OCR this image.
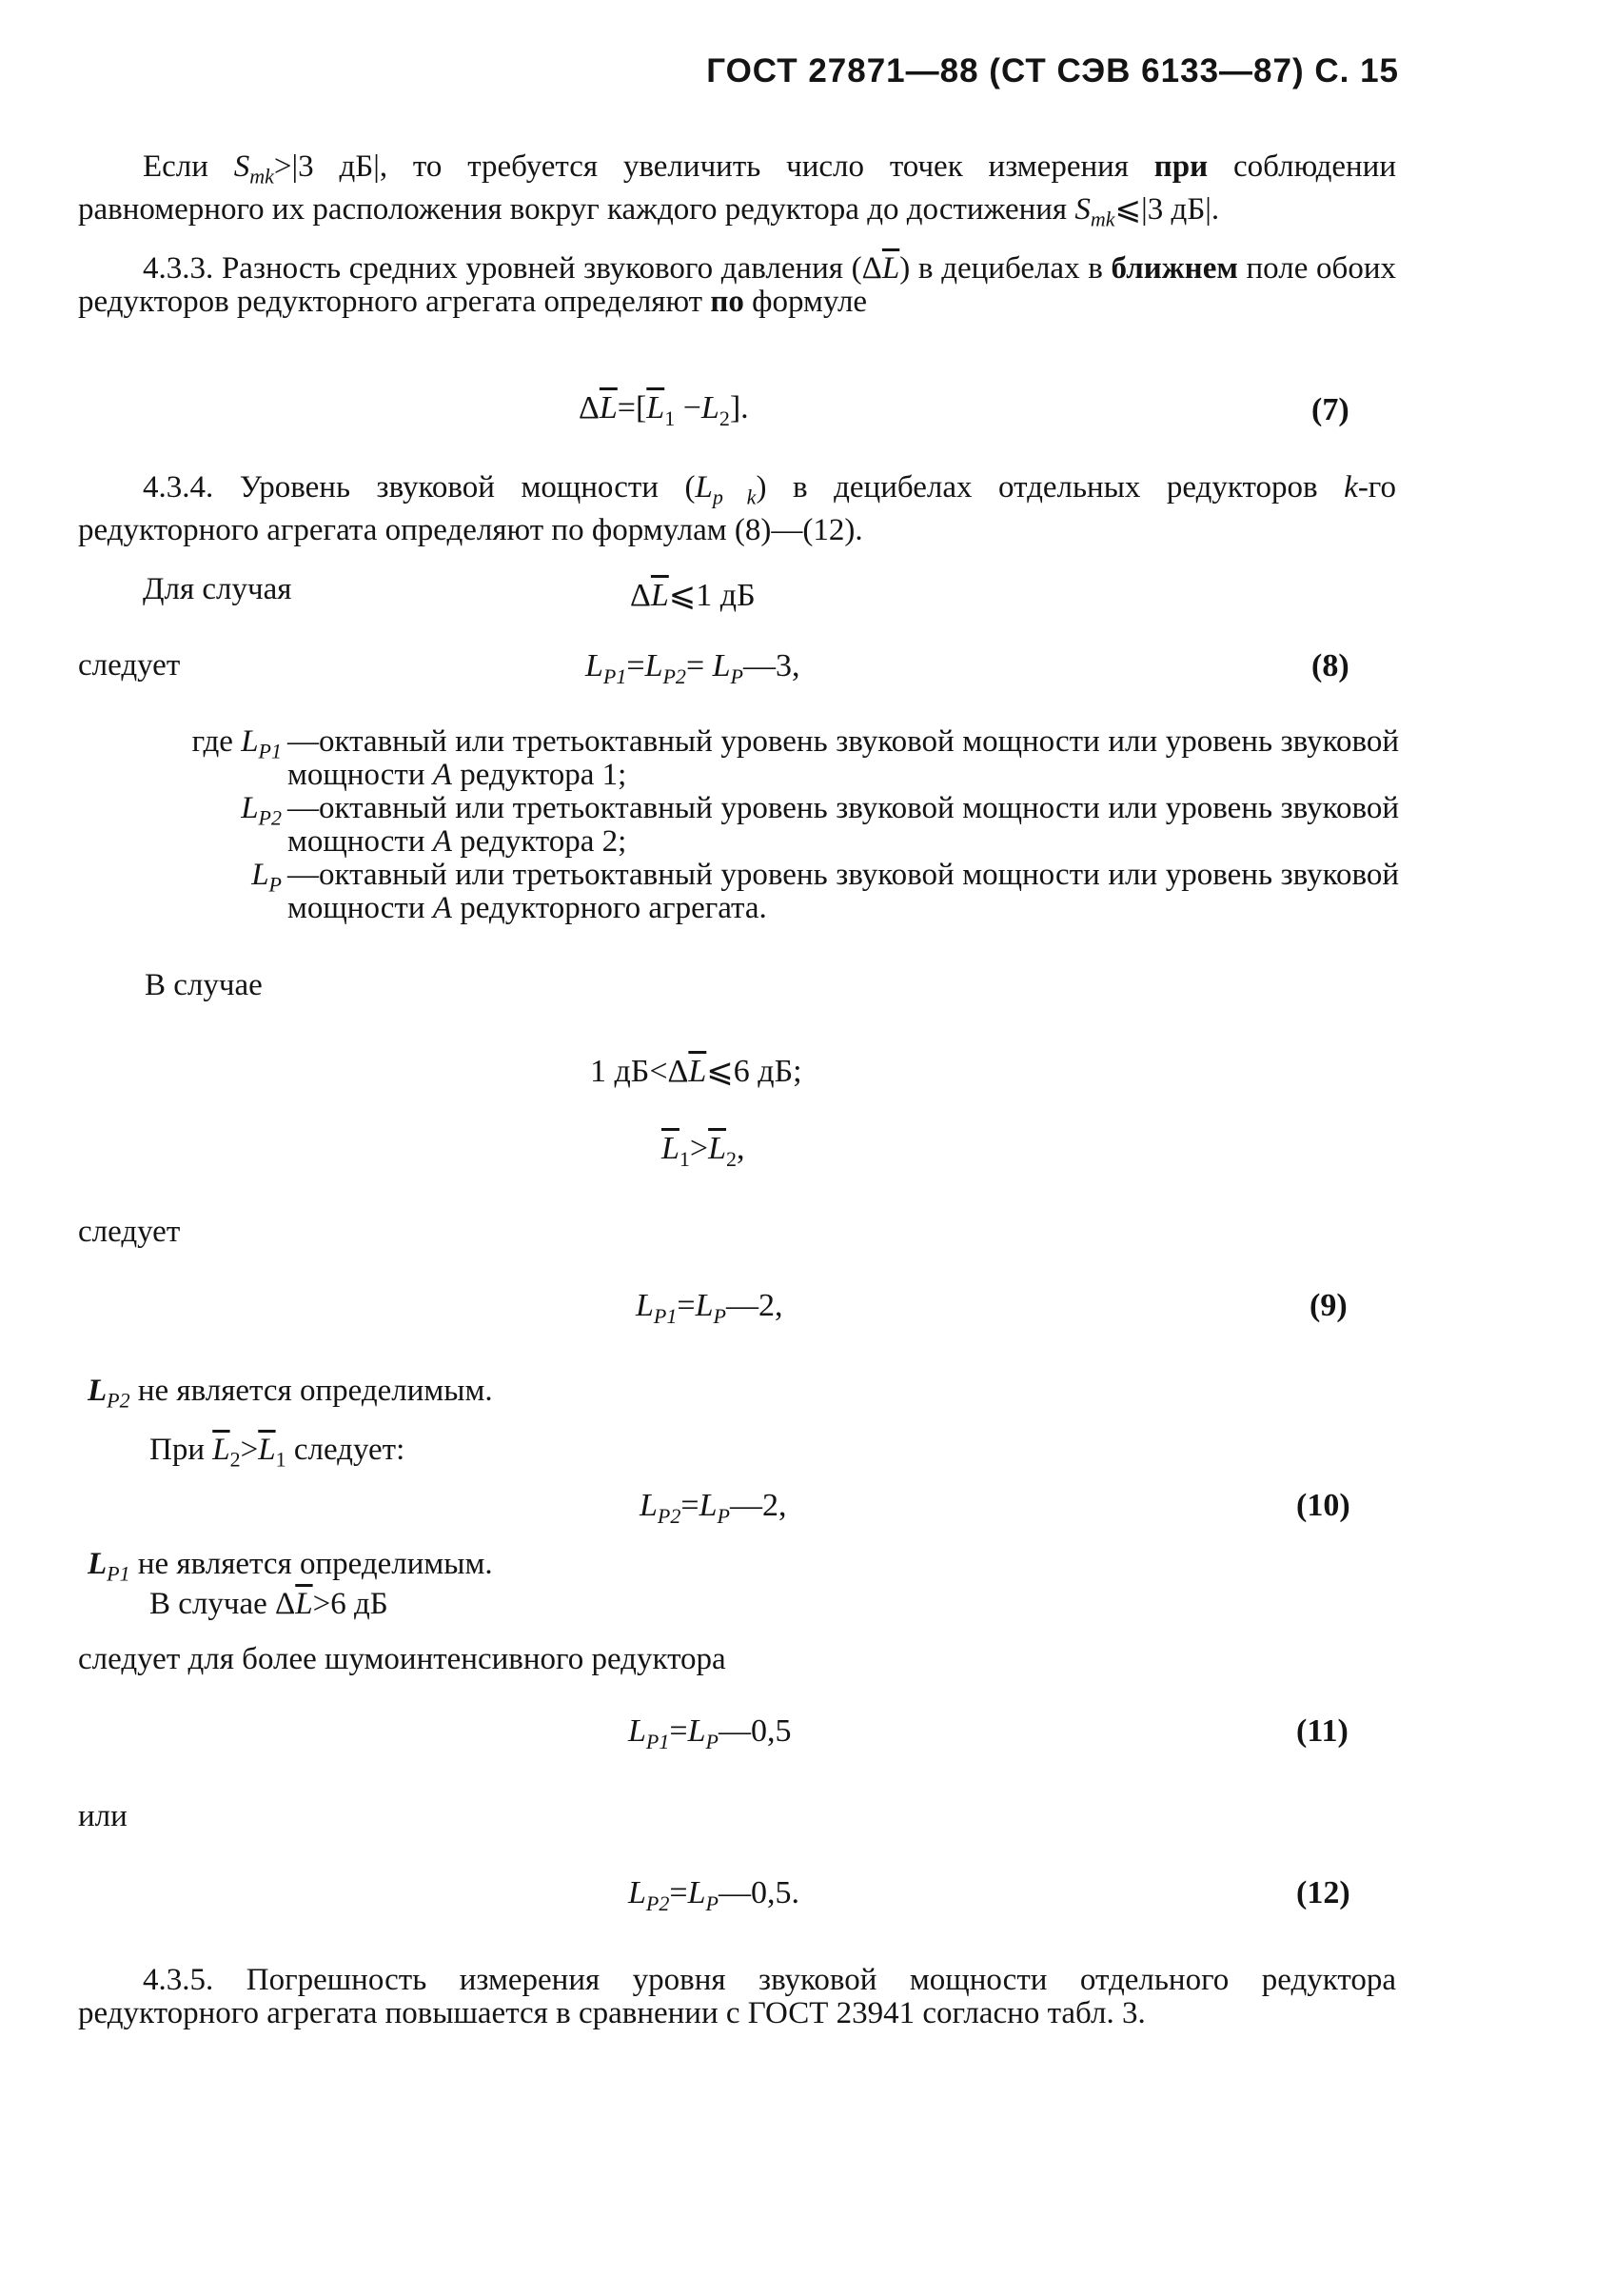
ГОСТ 27871—88 (СТ СЭВ 6133—87) С. 15
Если $S_{mk}>|3$ дБ|, то требуется увеличить число точек измерения при соблюдении равномерного их расположения вокруг каждого редуктора до достижения $S_{mk}⩽|3$ дБ|.
4.3.3. Разность средних уровней звукового давления $(\Delta\overline{L})$ в децибелах в ближнем поле обоих редукторов редукторного агрегата определяют по формуле
$\Delta\overline{L}=[\overline{L}_1 -L_2]$.	(7)
4.3.4. Уровень звуковой мощности $(L_{p k})$ в децибелах отдельных редукторов k-го редукторного агрегата определяют по формулам (8)—(12).
Для случая	$\Delta\overline{L}⩽1$ дБ
следует	$L_{P1}=L_{P2}=$ $L_P—3$,	(8)
где $L_{P1}$ —октавный или третьоктавный уровень звуковой мощности или уровень звуковой мощности A редуктора 1;
$L_{P2}$ —октавный или третьоктавный уровень звуковой мощности или уровень звуковой мощности A редуктора 2;
$L_P$ —октавный или третьоктавный уровень звуковой мощности или уровень звуковой мощности A редукторного агрегата.
В случае
1 $дБ<\Delta\overline{L}⩽6$ дБ;
$\overline{L}_1>\overline{L}_2$,
следует
$L_{P1}=L_P—2$,	(9)
$L_{P2}$ не является определимым.
При $\overline{L}_2>\overline{L}_1$ следует:
$L_{P2}=L_P—2$,	(10)
$L_{P1}$ не является определимым.
В случае $\Delta\overline{L}>6$ дБ
следует для более шумоинтенсивного редуктора
$L_{P1}=L_P—0,5$	(11)
или
$L_{P2}=L_P—0,5$.	(12)
4.3.5. Погрешность измерения уровня звуковой мощности отдельного редуктора редукторного агрегата повышается в сравнении с ГОСТ 23941 согласно табл. 3.
